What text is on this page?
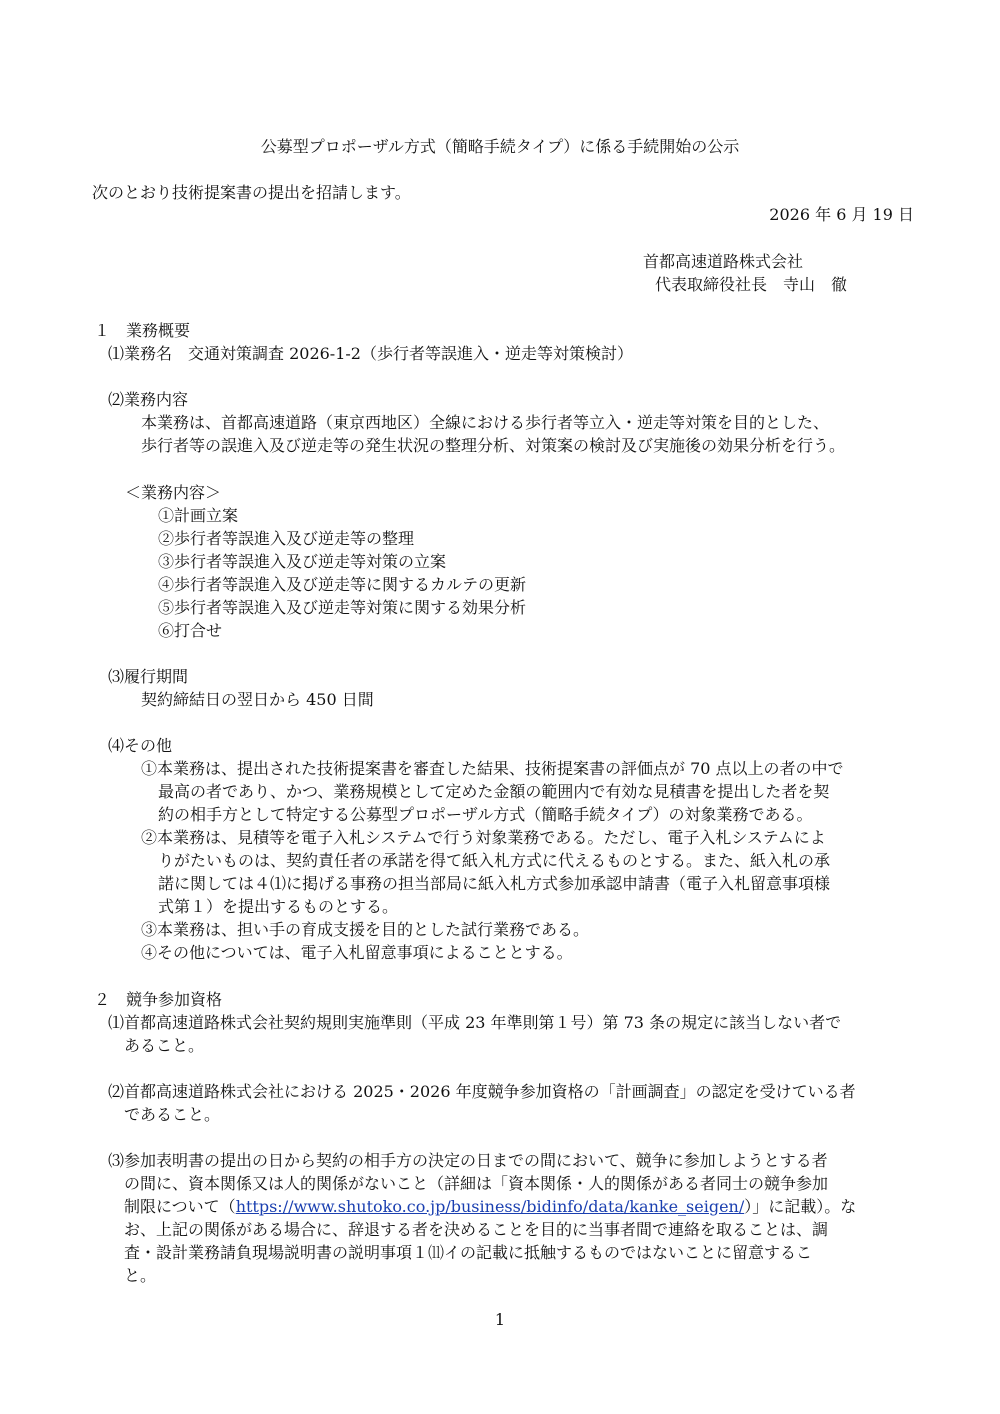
公募型プロポーザル方式（簡略手続タイプ）に係る手続開始の公示
次のとおり技術提案書の提出を招請します。
2026 年 6 月 19 日
首都高速道路株式会社
代表取締役社長　寺山　徹
１　業務概要
⑴業務名　交通対策調査 2026-1-2（歩行者等誤進入・逆走等対策検討）
⑵業務内容
本業務は、首都高速道路（東京西地区）全線における歩行者等立入・逆走等対策を目的とした、
歩行者等の誤進入及び逆走等の発生状況の整理分析、対策案の検討及び実施後の効果分析を行う。
＜業務内容＞
①計画立案
②歩行者等誤進入及び逆走等の整理
③歩行者等誤進入及び逆走等対策の立案
④歩行者等誤進入及び逆走等に関するカルテの更新
⑤歩行者等誤進入及び逆走等対策に関する効果分析
⑥打合せ
⑶履行期間
契約締結日の翌日から 450 日間
⑷その他
①本業務は、提出された技術提案書を審査した結果、技術提案書の評価点が 70 点以上の者の中で
最高の者であり、かつ、業務規模として定めた金額の範囲内で有効な見積書を提出した者を契
約の相手方として特定する公募型プロポーザル方式（簡略手続タイプ）の対象業務である。
②本業務は、見積等を電子入札システムで行う対象業務である。ただし、電子入札システムによ
りがたいものは、契約責任者の承諾を得て紙入札方式に代えるものとする。また、紙入札の承
諾に関しては４⑴に掲げる事務の担当部局に紙入札方式参加承認申請書（電子入札留意事項様
式第１）を提出するものとする。
③本業務は、担い手の育成支援を目的とした試行業務である。
④その他については、電子入札留意事項によることとする。
２　競争参加資格
⑴首都高速道路株式会社契約規則実施準則（平成 23 年準則第１号）第 73 条の規定に該当しない者で
あること。
⑵首都高速道路株式会社における 2025・2026 年度競争参加資格の「計画調査」の認定を受けている者
であること。
⑶参加表明書の提出の日から契約の相手方の決定の日までの間において、競争に参加しようとする者
の間に、資本関係又は人的関係がないこと（詳細は「資本関係・人的関係がある者同士の競争参加
制限について（https://www.shutoko.co.jp/business/bidinfo/data/kanke_seigen/）」に記載）。な
お、上記の関係がある場合に、辞退する者を決めることを目的に当事者間で連絡を取ることは、調
査・設計業務請負現場説明書の説明事項１⑾イの記載に抵触するものではないことに留意するこ
と。
1
